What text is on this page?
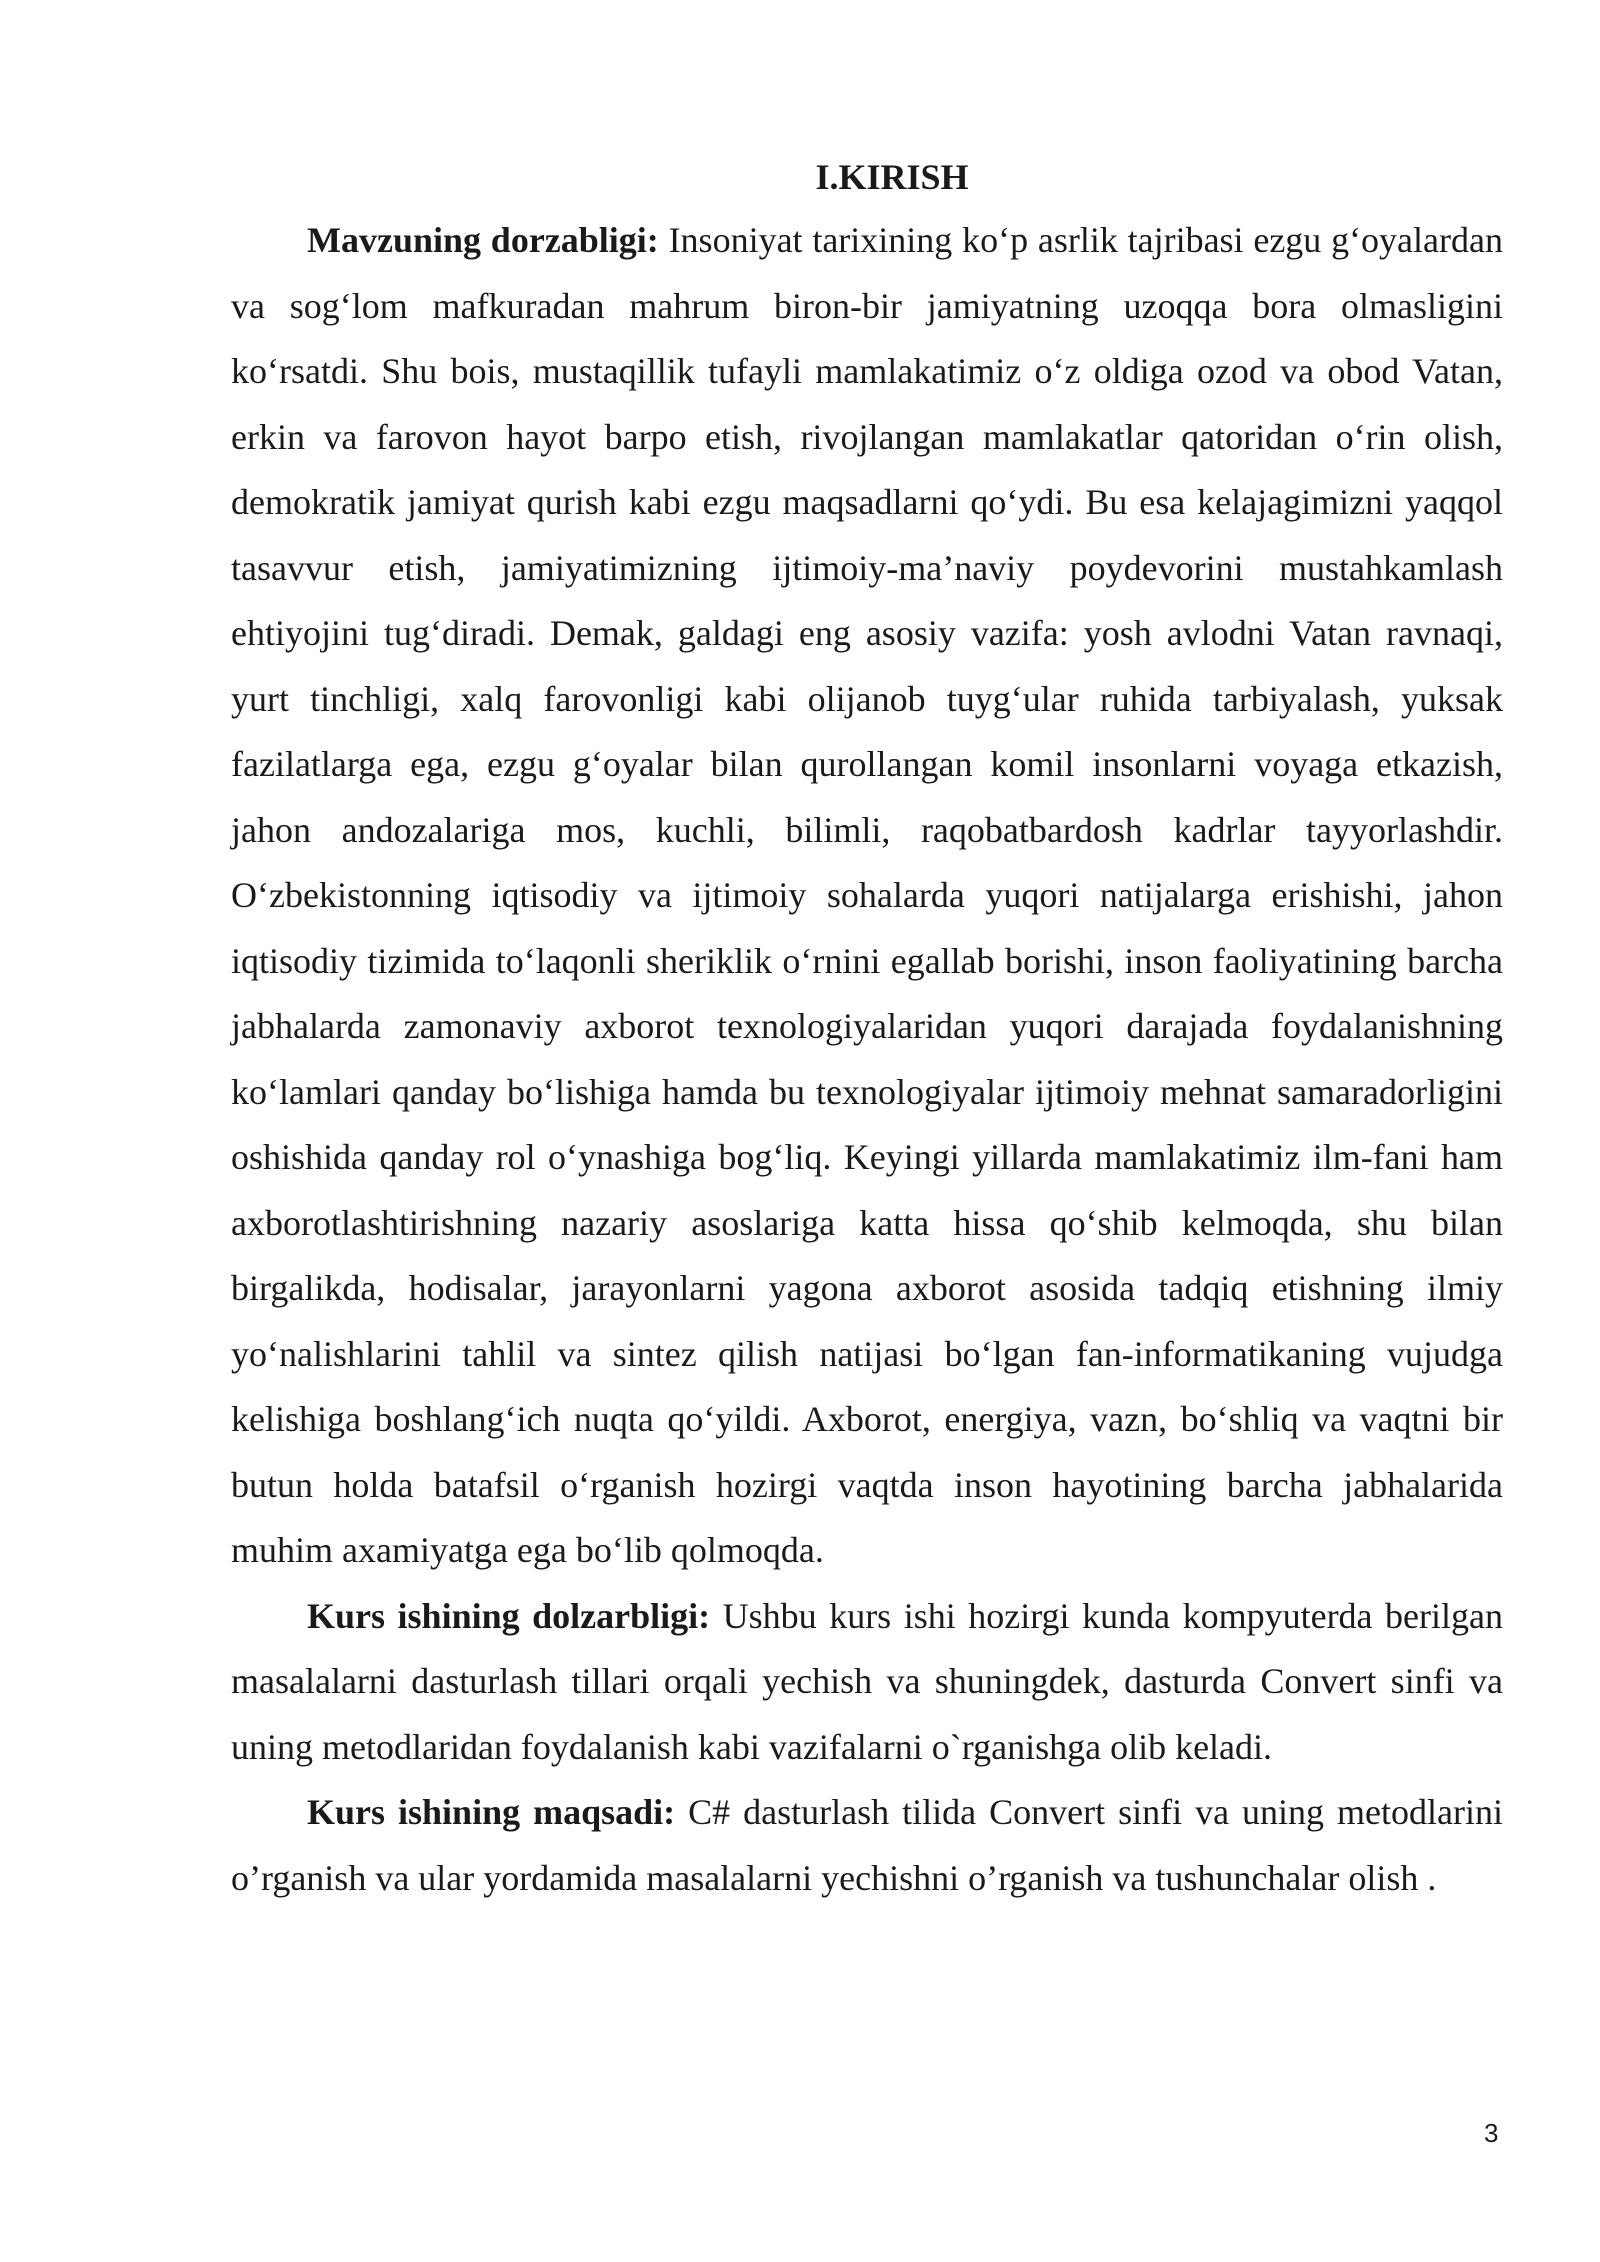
I.KIRISH

Mavzuning dorzabligi: Insoniyat tarixining ko‘p asrlik tajribasi ezgu g‘oyalardan va sog‘lom mafkuradan mahrum biron-bir jamiyatning uzoqqa bora olmasligini ko‘rsatdi. Shu bois, mustaqillik tufayli mamlakatimiz o‘z oldiga ozod va obod Vatan, erkin va farovon hayot barpo etish, rivojlangan mamlakatlar qatoridan o‘rin olish, demokratik jamiyat qurish kabi ezgu maqsadlarni qo‘ydi. Bu esa kelajagimizni yaqqol tasavvur etish, jamiyatimizning ijtimoiy-ma’naviy poydevorini mustahkamlash ehtiyojini tug‘diradi. Demak, galdagi eng asosiy vazifa: yosh avlodni Vatan ravnaqi, yurt tinchligi, xalq farovonligi kabi olijanob tuyg‘ular ruhida tarbiyalash, yuksak fazilatlarga ega, ezgu g‘oyalar bilan qurollangan komil insonlarni voyaga etkazish, jahon andozalariga mos, kuchli, bilimli, raqobatbardosh kadrlar tayyorlashdir. O‘zbekistonning iqtisodiy va ijtimoiy sohalarda yuqori natijalarga erishishi, jahon iqtisodiy tizimida to‘laqonli sheriklik o‘rnini egallab borishi, inson faoliyatining barcha jabhalarda zamonaviy axborot texnologiyalaridan yuqori darajada foydalanishning ko‘lamlari qanday bo‘lishiga hamda bu texnologiyalar ijtimoiy mehnat samaradorligini oshishida qanday rol o‘ynashiga bog‘liq. Keyingi yillarda mamlakatimiz ilm-fani ham axborotlashtirishning nazariy asoslariga katta hissa qo‘shib kelmoqda, shu bilan birgalikda, hodisalar, jarayonlarni yagona axborot asosida tadqiq etishning ilmiy yo‘nalishlarini tahlil va sintez qilish natijasi bo‘lgan fan-informatikaning vujudga kelishiga boshlang‘ich nuqta qo‘yildi. Axborot, energiya, vazn, bo‘shliq va vaqtni bir butun holda batafsil o‘rganish hozirgi vaqtda inson hayotining barcha jabhalarida muhim axamiyatga ega bo‘lib qolmoqda.

Kurs ishining dolzarbligi: Ushbu kurs ishi hozirgi kunda kompyuterda berilgan masalalarni dasturlash tillari orqali yechish va shuningdek, dasturda Convert sinfi va uning metodlaridan foydalanish kabi vazifalarni o`rganishga olib keladi.

Kurs ishining maqsadi: C# dasturlash tilida Convert sinfi va uning metodlarini o’rganish va ular yordamida masalalarni yechishni o’rganish va tushunchalar olish .

3
